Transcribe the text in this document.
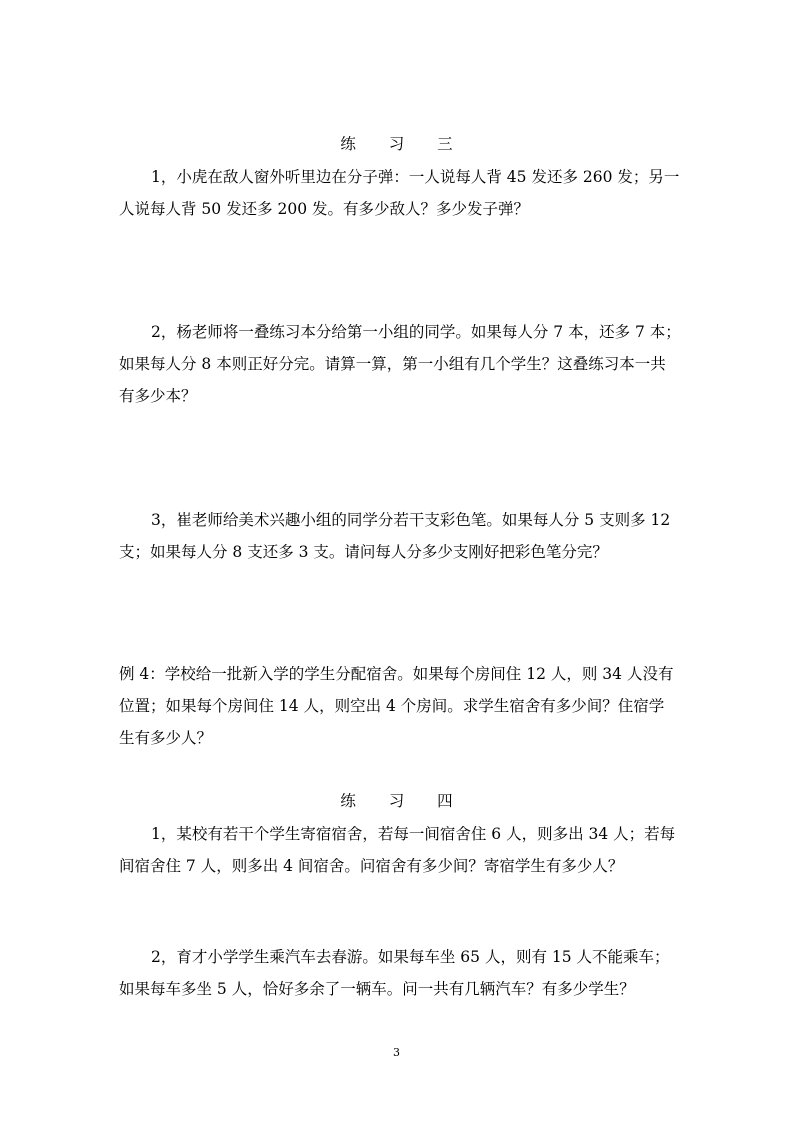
练 习 三
1，小虎在敌人窗外听里边在分子弹：一人说每人背 45 发还多 260 发；另一
人说每人背 50 发还多 200 发。有多少敌人？多少发子弹？
2，杨老师将一叠练习本分给第一小组的同学。如果每人分 7 本，还多 7 本；
如果每人分 8 本则正好分完。请算一算，第一小组有几个学生？这叠练习本一共
有多少本？
3，崔老师给美术兴趣小组的同学分若干支彩色笔。如果每人分 5 支则多 12
支；如果每人分 8 支还多 3 支。请问每人分多少支刚好把彩色笔分完？
例 4：学校给一批新入学的学生分配宿舍。如果每个房间住 12 人，则 34 人没有
位置；如果每个房间住 14 人，则空出 4 个房间。求学生宿舍有多少间？住宿学
生有多少人？
练 习 四
1，某校有若干个学生寄宿宿舍，若每一间宿舍住 6 人，则多出 34 人；若每
间宿舍住 7 人，则多出 4 间宿舍。问宿舍有多少间？寄宿学生有多少人？
2，育才小学学生乘汽车去春游。如果每车坐 65 人，则有 15 人不能乘车；
如果每车多坐 5 人，恰好多余了一辆车。问一共有几辆汽车？有多少学生？
3
